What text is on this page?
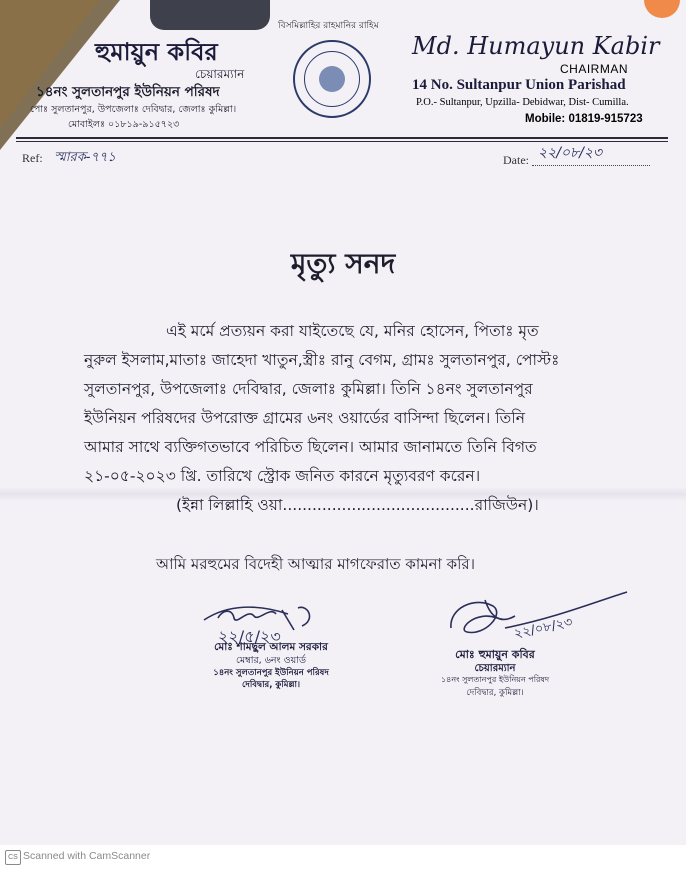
বিসমিল্লাহির রাহমানির রাহিম
হুমায়ুন কবির
চেয়ারম্যান
১৪নং সুলতানপুর ইউনিয়ন পরিষদ
পোঃ সুলতানপুর, উপজেলাঃ দেবিদ্বার, জেলাঃ কুমিল্লা।
মোবাইলঃ ০১৮১৯-৯১৫৭২৩
Md. Humayun Kabir
CHAIRMAN
14 No. Sultanpur Union Parishad
P.O.- Sultanpur, Upzilla- Debidwar, Dist- Cumilla.
Mobile: 01819-915723
Ref: স্মারক-৭৭১	Date: ২২/০৮/২৩
মৃত্যু সনদ
এই মর্মে প্রত্যয়ন করা যাইতেছে যে, মনির হোসেন, পিতাঃ মৃত
নুরুল ইসলাম,মাতাঃ জাহেদা খাতুন,স্ত্রীঃ রানু বেগম, গ্রামঃ সুলতানপুর, পোস্টঃ
সুলতানপুর, উপজেলাঃ দেবিদ্বার, জেলাঃ কুমিল্লা। তিনি ১৪নং সুলতানপুর
ইউনিয়ন পরিষদের উপরোক্ত গ্রামের ৬নং ওয়ার্ডের বাসিন্দা ছিলেন। তিনি
আমার সাথে ব্যক্তিগতভাবে পরিচিত ছিলেন। আমার জানামতে তিনি বিগত
২১-০৫-২০২৩ খ্রি. তারিখে স্ট্রোক জনিত কারনে মৃত্যুবরণ করেন।
(ইন্না লিল্লাহি ওয়া.......................................রাজিউন)।
আমি মরহুমের বিদেহী আত্মার মাগফেরাত কামনা করি।
২২/৫/২৩
মোঃ শামছুল আলম সরকার
মেম্বার, ৬নং ওয়ার্ড
১৪নং সুলতানপুর ইউনিয়ন পরিষদ
দেবিদ্বার, কুমিল্লা।
২২/০৮/২৩
মোঃ হুমায়ুন কবির
চেয়ারম্যান
১৪নং সুলতানপুর ইউনিয়ন পরিষদ
দেবিদ্বার, কুমিল্লা।
CS Scanned with CamScanner
